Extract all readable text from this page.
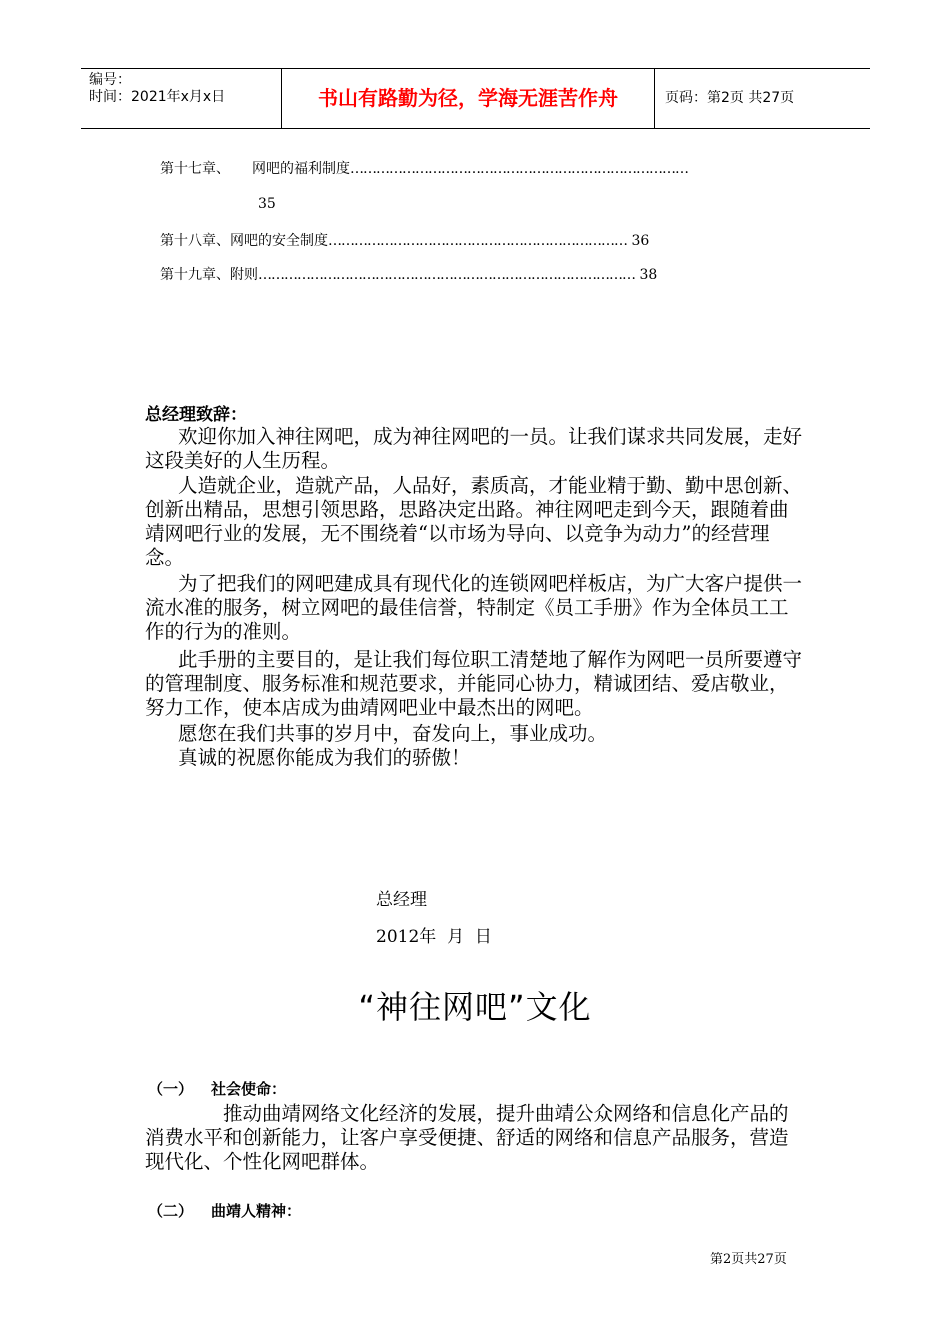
编号：
时间：2021年x月x日	书山有路勤为径，学海无涯苦作舟	页码：第2页 共27页
第十七章、 网吧的福利制度……………………………………………………………………
35
第十八章、网吧的安全制度…………………………………………………………… 36
第十九章、附则…………………………………………………………………………… 38
总经理致辞：
欢迎你加入神往网吧，成为神往网吧的一员。让我们谋求共同发展，走好这段美好的人生历程。
人造就企业，造就产品，人品好，素质高，才能业精于勤、勤中思创新、创新出精品，思想引领思路，思路决定出路。神往网吧走到今天，跟随着曲靖网吧行业的发展，无不围绕着“以市场为导向、以竞争为动力”的经营理念。
为了把我们的网吧建成具有现代化的连锁网吧样板店，为广大客户提供一流水准的服务，树立网吧的最佳信誉，特制定《员工手册》作为全体员工工作的行为的准则。
此手册的主要目的，是让我们每位职工清楚地了解作为网吧一员所要遵守的管理制度、服务标准和规范要求，并能同心协力，精诚团结、爱店敬业，努力工作，使本店成为曲靖网吧业中最杰出的网吧。
愿您在我们共事的岁月中，奋发向上，事业成功。
真诚的祝愿你能成为我们的骄傲！
总经理
2012年  月  日
“神往网吧”文化
（一） 社会使命：
推动曲靖网络文化经济的发展，提升曲靖公众网络和信息化产品的消费水平和创新能力，让客户享受便捷、舒适的网络和信息产品服务，营造现代化、个性化网吧群体。
（二） 曲靖人精神：
第2页共27页
